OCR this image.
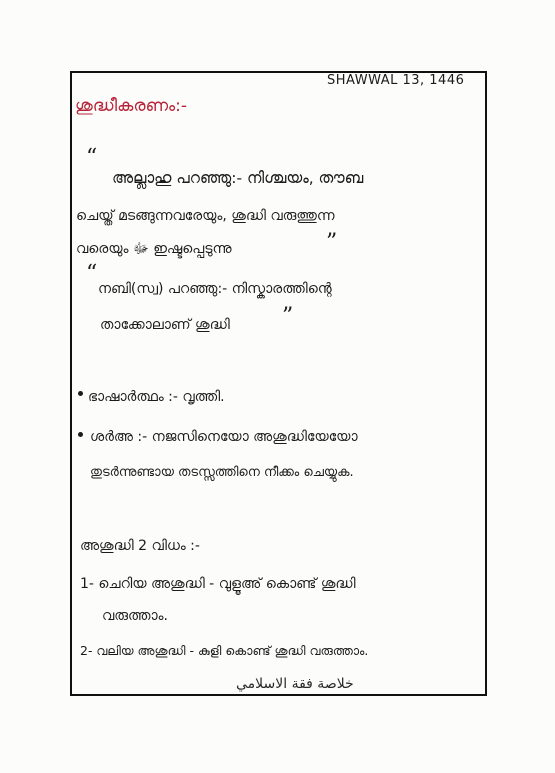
SHAWWAL 13, 1446
ശുദ്ധീകരണം:-
“
അല്ലാഹു പറഞ്ഞു:- നിശ്ചയം, തൗബ
ചെയ്ത് മടങ്ങുന്നവരേയും, ശുദ്ധി വരുത്തുന്ന
വരെയും ﷻ ഇഷ്ടപ്പെടുന്നു	”
“
നബി(സ്വ) പറഞ്ഞു:- നിസ്കാരത്തിന്റെ
താക്കോലാണ് ശുദ്ധി ”
ഭാഷാർത്ഥം :- വൃത്തി.
ശർഅ :- നജസിനെയോ അശുദ്ധിയേയോ
തുടർന്നുണ്ടായ തടസ്സത്തിനെ നീക്കം ചെയ്യുക.
അശുദ്ധി 2 വിധം :-
1- ചെറിയ അശുദ്ധി - വുളൂഅ് കൊണ്ട് ശുദ്ധി
വരുത്താം.
2- വലിയ അശുദ്ധി - കുളി കൊണ്ട് ശുദ്ധി വരുത്താം.
خلاصة فقة الاسلامي
